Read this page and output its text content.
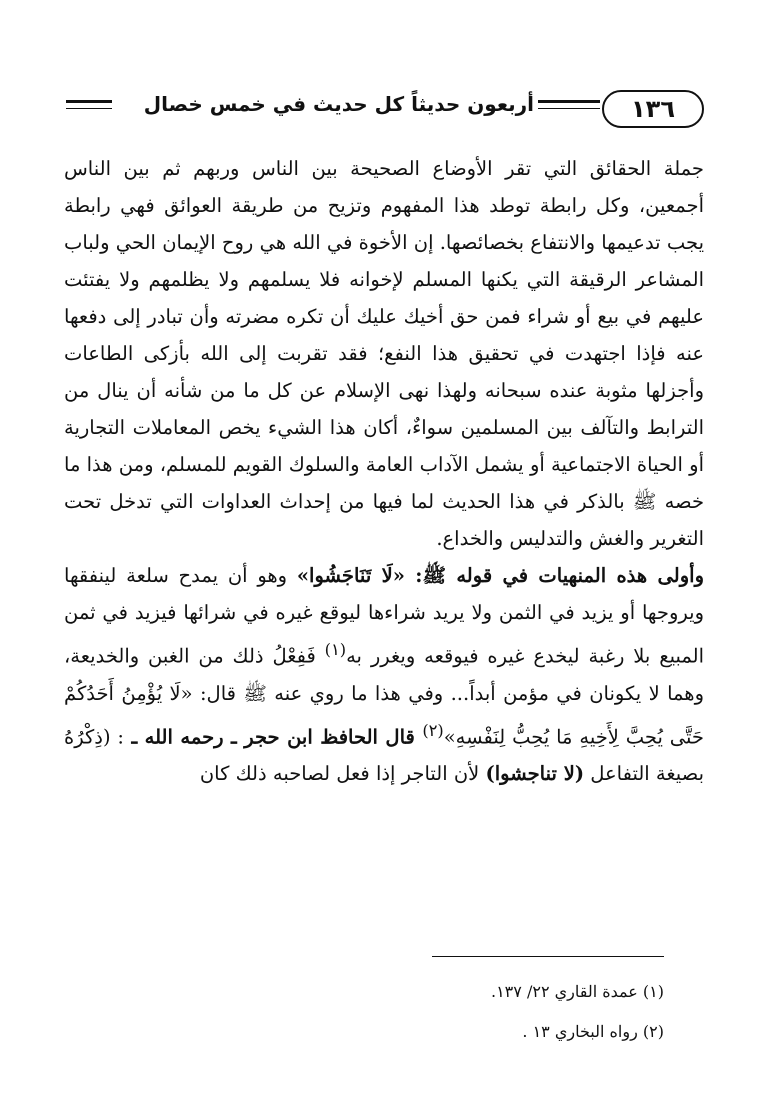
١٣٦
أربعون حديثاً كل حديث في خمس خصال

جملة الحقائق التي تقر الأوضاع الصحيحة بين الناس وربهم ثم بين الناس أجمعين، وكل رابطة توطد هذا المفهوم وتزيح من طريقة العوائق فهي رابطة يجب تدعيمها والانتفاع بخصائصها. إن الأخوة في الله هي روح الإيمان الحي ولباب المشاعر الرقيقة التي يكنها المسلم لإخوانه فلا يسلمهم ولا يظلمهم ولا يفتئت عليهم في بيع أو شراء فمن حق أخيك عليك أن تكره مضرته وأن تبادر إلى دفعها عنه فإذا اجتهدت في تحقيق هذا النفع؛ فقد تقربت إلى الله بأزكى الطاعات وأجزلها مثوبة عنده سبحانه ولهذا نهى الإسلام عن كل ما من شأنه أن ينال من الترابط والتآلف بين المسلمين سواءٌ، أكان هذا الشيء يخص المعاملات التجارية أو الحياة الاجتماعية أو يشمل الآداب العامة والسلوك القويم للمسلم، ومن هذا ما خصه ﷺ بالذكر في هذا الحديث لما فيها من إحداث العداوات التي تدخل تحت التغرير والغش والتدليس والخداع.

وأولى هذه المنهيات في قوله ﷺ: «لَا تَنَاجَشُوا» وهو أن يمدح سلعة لينفقها ويروجها أو يزيد في الثمن ولا يريد شراءها ليوقع غيره في شرائها فيزيد في ثمن المبيع بلا رغبة ليخدع غيره فيوقعه ويغرر به$^{(١)}$ فَفِعْلُ ذلك من الغبن والخديعة، وهما لا يكونان في مؤمن أبداً... وفي هذا ما روي عنه ﷺ قال: «لَا يُؤْمِنُ أَحَدُكُمْ حَتَّى يُحِبَّ لِأَخِيهِ مَا يُحِبُّ لِنَفْسِهِ»$^{(٢)}$ قال الحافظ ابن حجر ـ رحمه الله ـ : (ذِكْرُهُ بصيغة التفاعل (لا تناجشوا) لأن التاجر إذا فعل لصاحبه ذلك كان

(١) عمدة القاري ٢٢/ ١٣٧.
(٢) رواه البخاري ١٣ .
